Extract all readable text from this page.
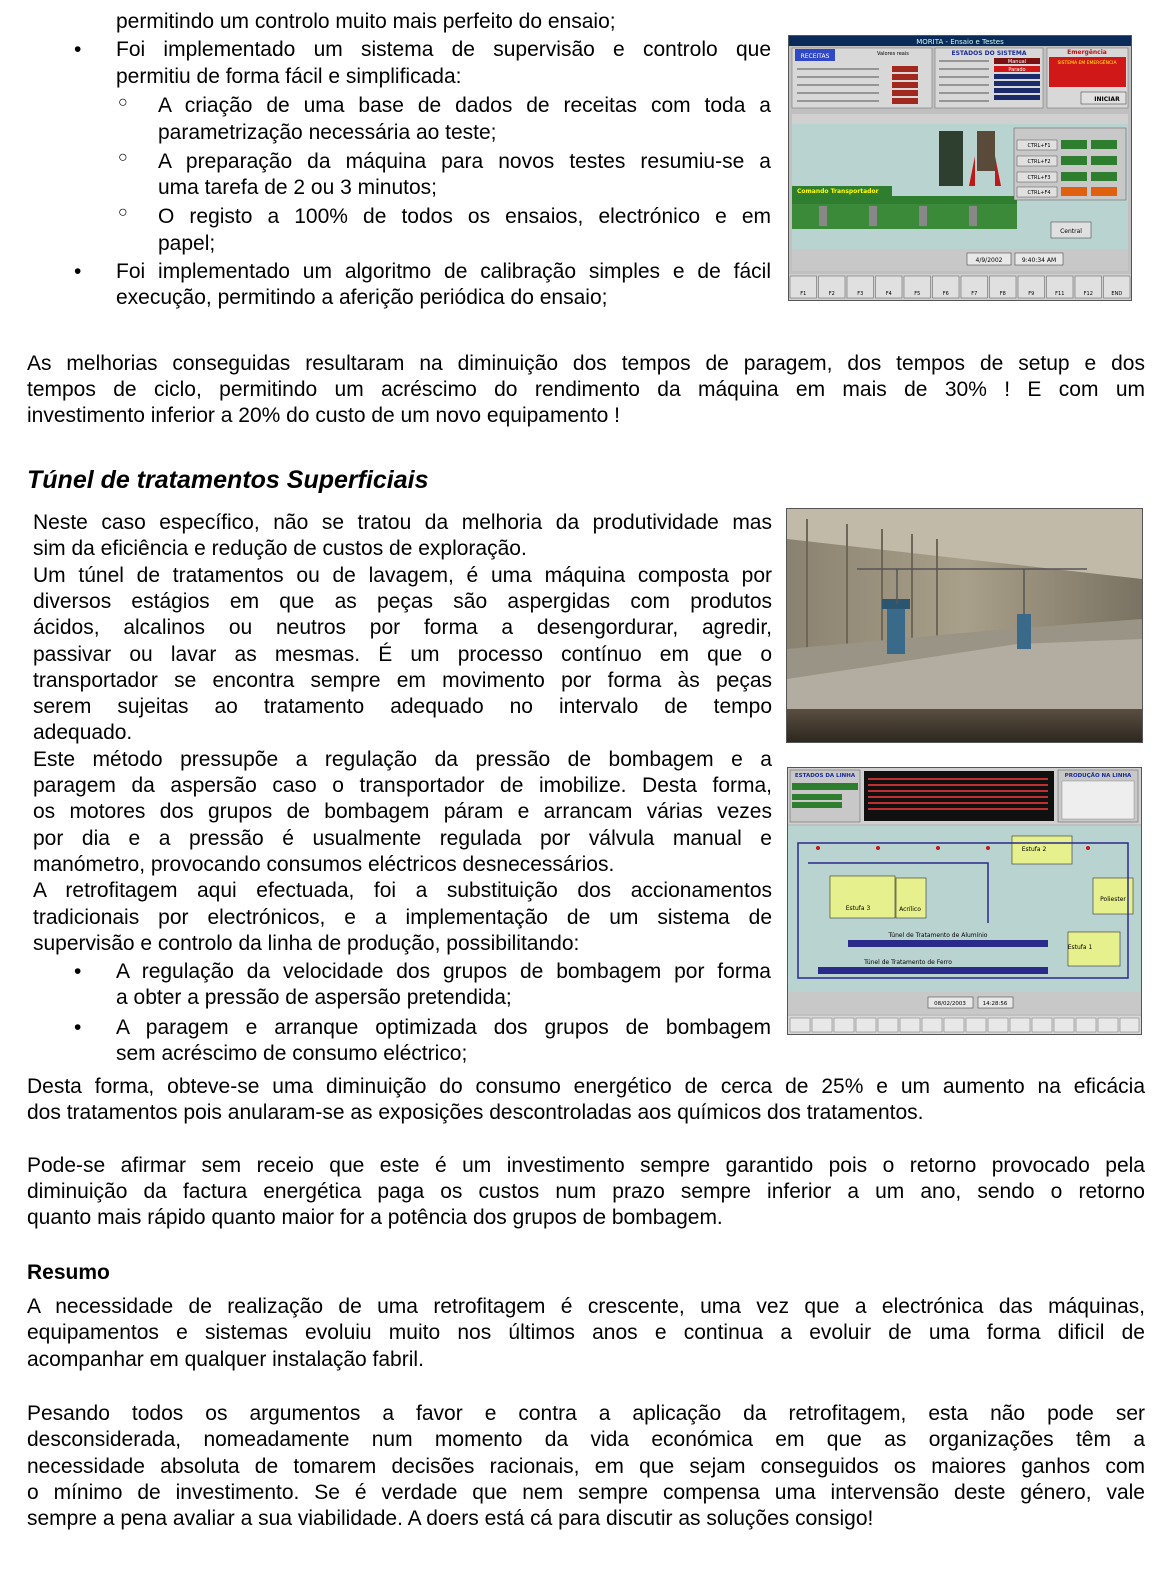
permitindo um controlo muito mais perfeito do ensaio;
• Foi implementado um sistema de supervisão e controlo que
permitiu de forma fácil e simplificada:
○ A criação de uma base de dados de receitas com toda a
parametrização necessária ao teste;
○ A preparação da máquina para novos testes resumiu-se a
uma tarefa de 2 ou 3 minutos;
○ O registo a 100% de todos os ensaios, electrónico e em
papel;
• Foi implementado um algoritmo de calibração simples e de fácil
execução, permitindo a aferição periódica do ensaio;
MORITA - Ensaio e Testes
RECEITAS	Valores reais	ESTADOS DO SISTEMA
Manual
Parado
Emergência
SISTEMA EM EMERGÊNCIA
INICIAR
Comando Transportador
CTRL+F1
CTRL+F2
CTRL+F3
CTRL+F4
Central
4/9/2002	9:40:34 AM
F1	F2	F3	F4	F5	F6	F7	F8	F9	F11	F12	END
As melhorias conseguidas resultaram na diminuição dos tempos de paragem, dos tempos de setup e dos
tempos de ciclo, permitindo um acréscimo do rendimento da máquina em mais de 30% ! E com um
investimento inferior a 20% do custo de um novo equipamento !
Túnel de tratamentos Superficiais
Neste caso específico, não se tratou da melhoria da produtividade mas
sim da eficiência e redução de custos de exploração.
Um túnel de tratamentos ou de lavagem, é uma máquina composta por
diversos estágios em que as peças são aspergidas com produtos
ácidos, alcalinos ou neutros por forma a desengordurar, agredir,
passivar ou lavar as mesmas. É um processo contínuo em que o
transportador se encontra sempre em movimento por forma às peças
serem sujeitas ao tratamento adequado no intervalo de tempo
adequado.
Este método pressupõe a regulação da pressão de bombagem e a
paragem da aspersão caso o transportador de imobilize. Desta forma,
os motores dos grupos de bombagem páram e arrancam várias vezes
por dia e a pressão é usualmente regulada por válvula manual e
manómetro, provocando consumos eléctricos desnecessários.
A retrofitagem aqui efectuada, foi a substituição dos accionamentos
tradicionais por electrónicos, e a implementação de um sistema de
supervisão e controlo da linha de produção, possibilitando:
• A regulação da velocidade dos grupos de bombagem por forma
a obter a pressão de aspersão pretendida;
• A paragem e arranque optimizada dos grupos de bombagem
sem acréscimo de consumo eléctrico;
ESTADOS DA LINHA	PRODUÇÃO NA LINHA
Estufa 3
Estufa 2
Estufa 1
Acrílico
Poliester
Túnel de Tratamento de Alumínio
Túnel de Tratamento de Ferro
08/02/2003	14:28:56
Desta forma, obteve-se uma diminuição do consumo energético de cerca de 25% e um aumento na eficácia
dos tratamentos pois anularam-se as exposições descontroladas aos químicos dos tratamentos.
Pode-se afirmar sem receio que este é um investimento sempre garantido pois o retorno provocado pela
diminuição da factura energética paga os custos num prazo sempre inferior a um ano, sendo o retorno
quanto mais rápido quanto maior for a potência dos grupos de bombagem.
Resumo
A necessidade de realização de uma retrofitagem é crescente, uma vez que a electrónica das máquinas,
equipamentos e sistemas evoluiu muito nos últimos anos e continua a evoluir de uma forma dificil de
acompanhar em qualquer instalação fabril.
Pesando todos os argumentos a favor e contra a aplicação da retrofitagem, esta não pode ser
desconsiderada, nomeadamente num momento da vida económica em que as organizações têm a
necessidade absoluta de tomarem decisões racionais, em que sejam conseguidos os maiores ganhos com
o mínimo de investimento. Se é verdade que nem sempre compensa uma intervensão deste género, vale
sempre a pena avaliar a sua viabilidade. A doers está cá para discutir as soluções consigo!
